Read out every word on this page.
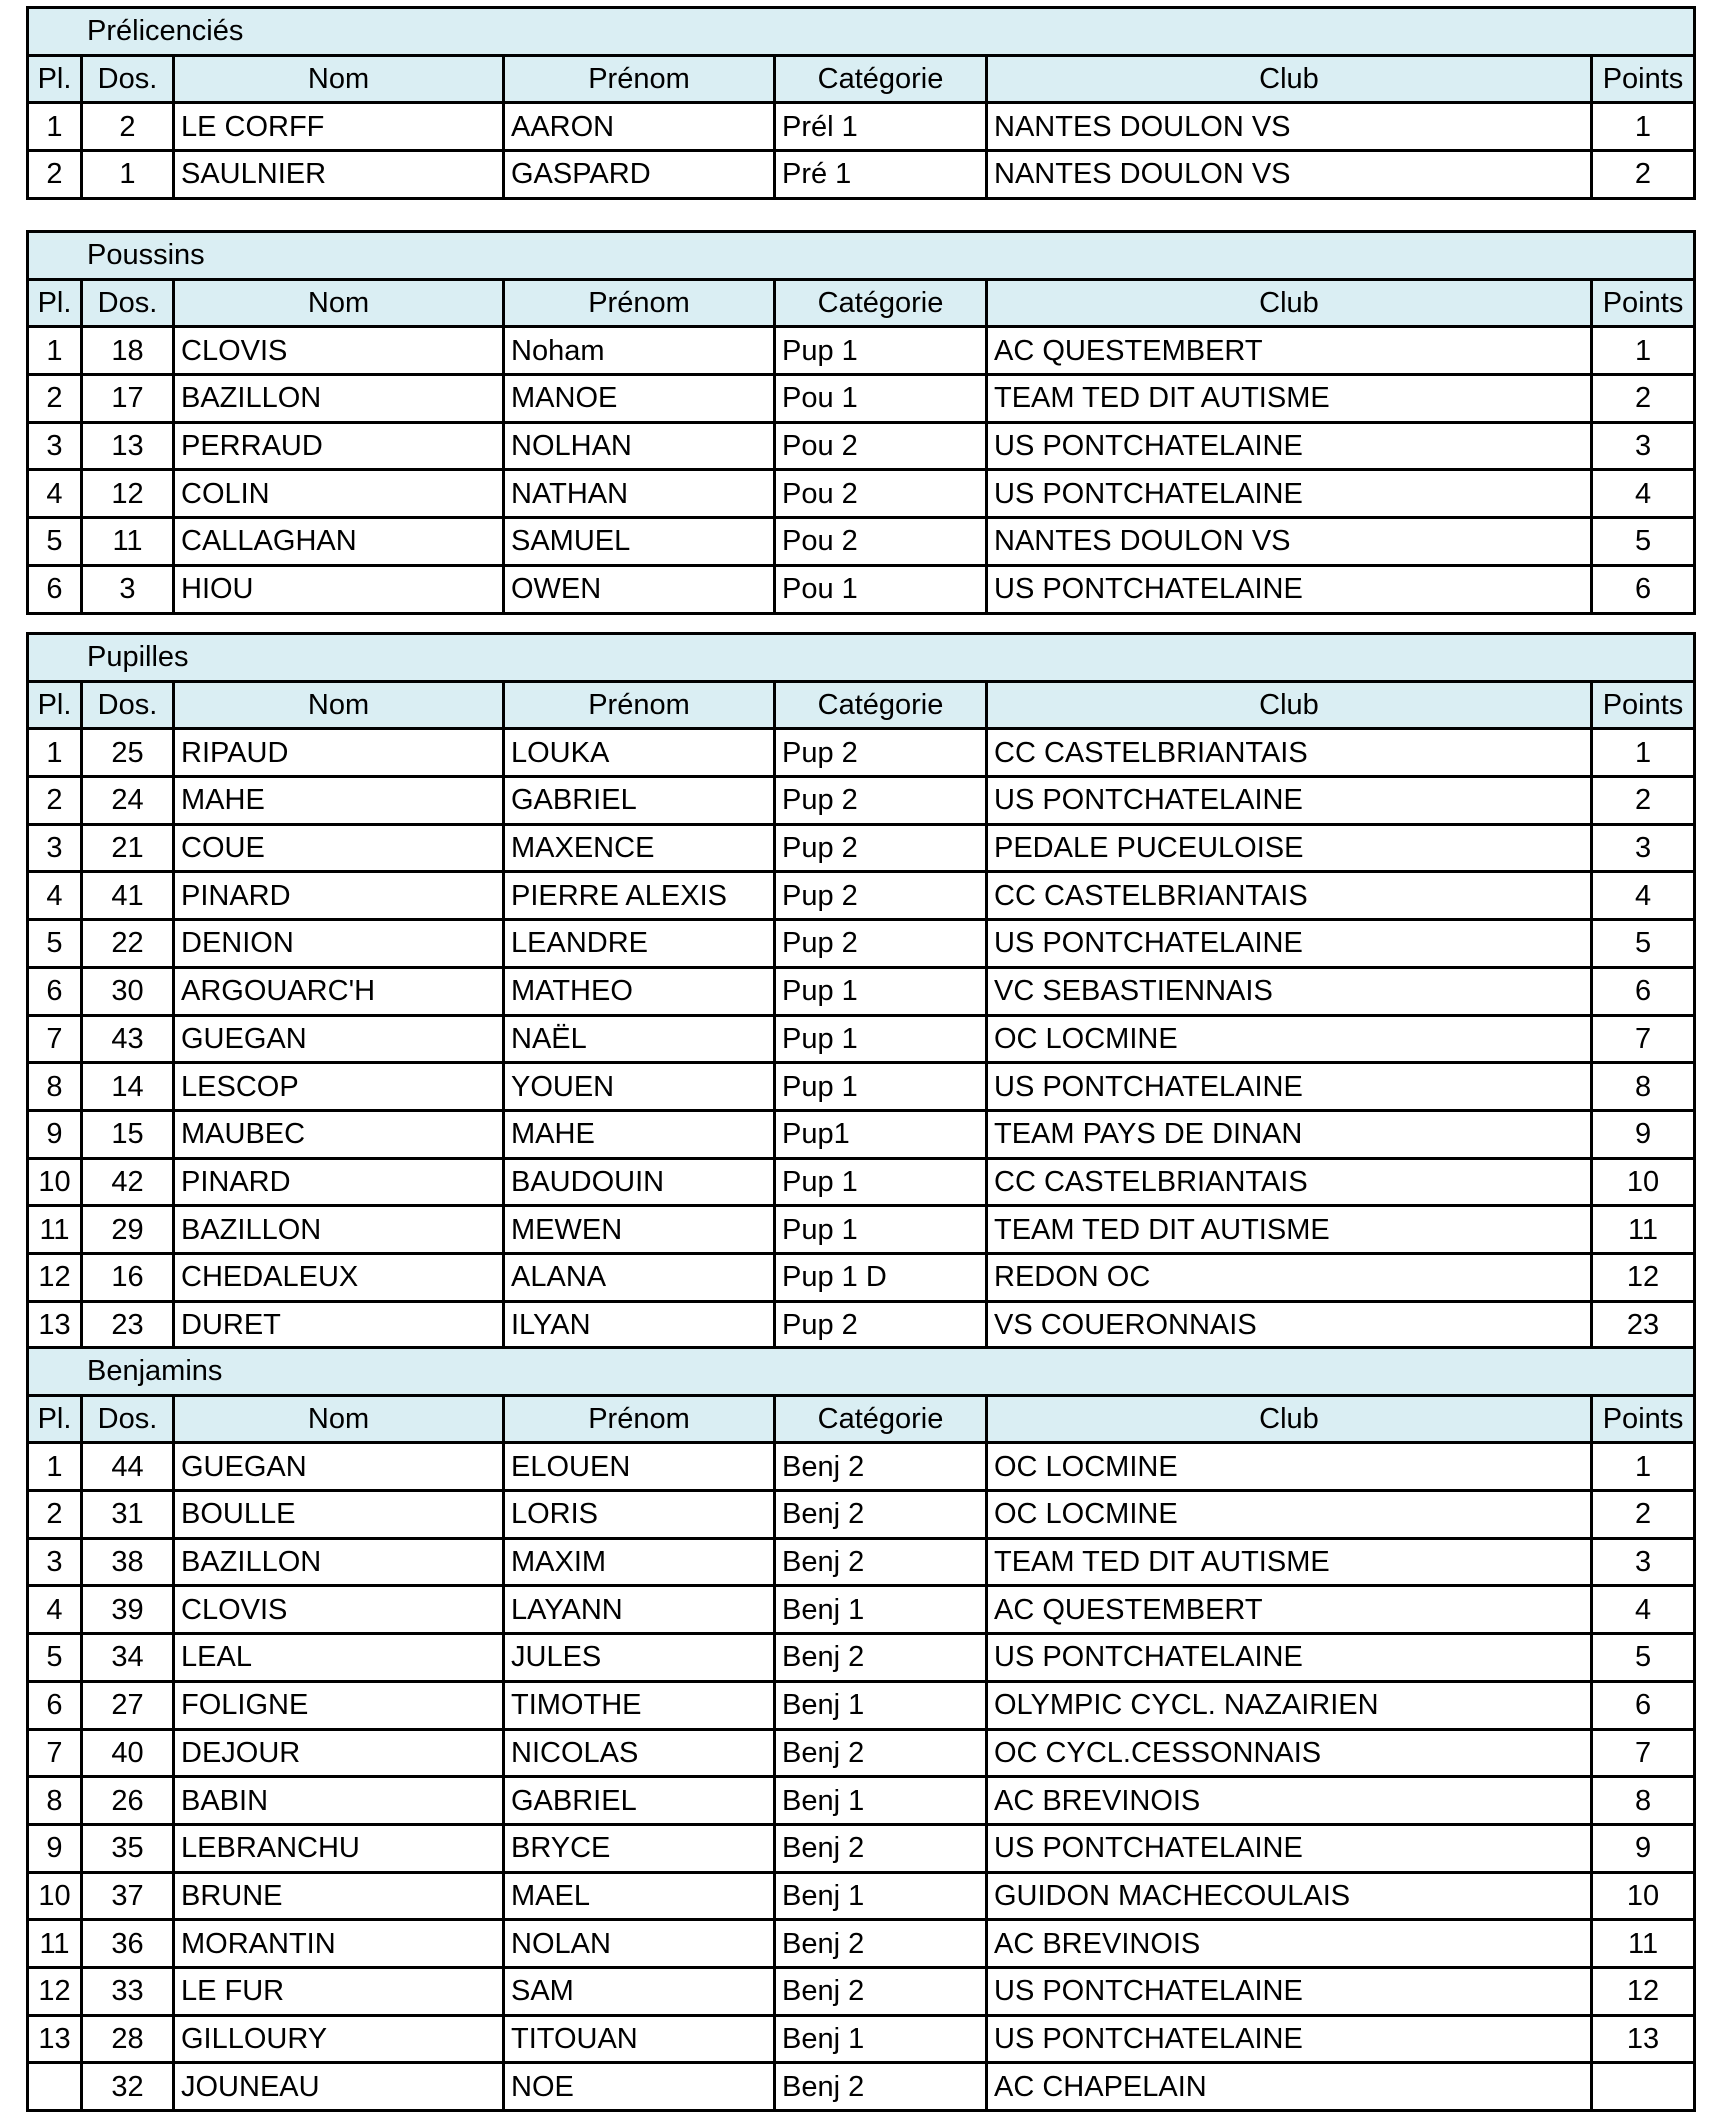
Prélicenciés						
Pl.	Dos.	Nom	Prénom	Catégorie	Club	Points
1	2	LE CORFF	AARON	Prél 1	NANTES DOULON VS	1
2	1	SAULNIER	GASPARD	Pré 1	NANTES DOULON VS	2
Poussins						
Pl.	Dos.	Nom	Prénom	Catégorie	Club	Points
1	18	CLOVIS	Noham	Pup 1	AC QUESTEMBERT	1
2	17	BAZILLON	MANOE	Pou 1	TEAM TED DIT AUTISME	2
3	13	PERRAUD	NOLHAN	Pou 2	US PONTCHATELAINE	3
4	12	COLIN	NATHAN	Pou 2	US PONTCHATELAINE	4
5	11	CALLAGHAN	SAMUEL	Pou 2	NANTES DOULON VS	5
6	3	HIOU	OWEN	Pou 1	US PONTCHATELAINE	6
Pupilles						
Pl.	Dos.	Nom	Prénom	Catégorie	Club	Points
1	25	RIPAUD	LOUKA	Pup 2	CC CASTELBRIANTAIS	1
2	24	MAHE	GABRIEL	Pup 2	US PONTCHATELAINE	2
3	21	COUE	MAXENCE	Pup 2	PEDALE PUCEULOISE	3
4	41	PINARD	PIERRE ALEXIS	Pup 2	CC CASTELBRIANTAIS	4
5	22	DENION	LEANDRE	Pup 2	US PONTCHATELAINE	5
6	30	ARGOUARC'H	MATHEO	Pup 1	VC SEBASTIENNAIS	6
7	43	GUEGAN	NAËL	Pup 1	OC LOCMINE	7
8	14	LESCOP	YOUEN	Pup 1	US PONTCHATELAINE	8
9	15	MAUBEC	MAHE	Pup1	TEAM PAYS DE DINAN	9
10	42	PINARD	BAUDOUIN	Pup 1	CC CASTELBRIANTAIS	10
11	29	BAZILLON	MEWEN	Pup 1	TEAM TED DIT AUTISME	11
12	16	CHEDALEUX	ALANA	Pup 1 D	REDON OC	12
13	23	DURET	ILYAN	Pup 2	VS COUERONNAIS	23
Benjamins						
Pl.	Dos.	Nom	Prénom	Catégorie	Club	Points
1	44	GUEGAN	ELOUEN	Benj 2	OC LOCMINE	1
2	31	BOULLE	LORIS	Benj 2	OC LOCMINE	2
3	38	BAZILLON	MAXIM	Benj 2	TEAM TED DIT AUTISME	3
4	39	CLOVIS	LAYANN	Benj 1	AC QUESTEMBERT	4
5	34	LEAL	JULES	Benj 2	US PONTCHATELAINE	5
6	27	FOLIGNE	TIMOTHE	Benj 1	OLYMPIC CYCL. NAZAIRIEN	6
7	40	DEJOUR	NICOLAS	Benj 2	OC CYCL.CESSONNAIS	7
8	26	BABIN	GABRIEL	Benj 1	AC BREVINOIS	8
9	35	LEBRANCHU	BRYCE	Benj 2	US PONTCHATELAINE	9
10	37	BRUNE	MAEL	Benj 1	GUIDON MACHECOULAIS	10
11	36	MORANTIN	NOLAN	Benj 2	AC BREVINOIS	11
12	33	LE FUR	SAM	Benj 2	US PONTCHATELAINE	12
13	28	GILLOURY	TITOUAN	Benj 1	US PONTCHATELAINE	13
	32	JOUNEAU	NOE	Benj 2	AC CHAPELAIN	
